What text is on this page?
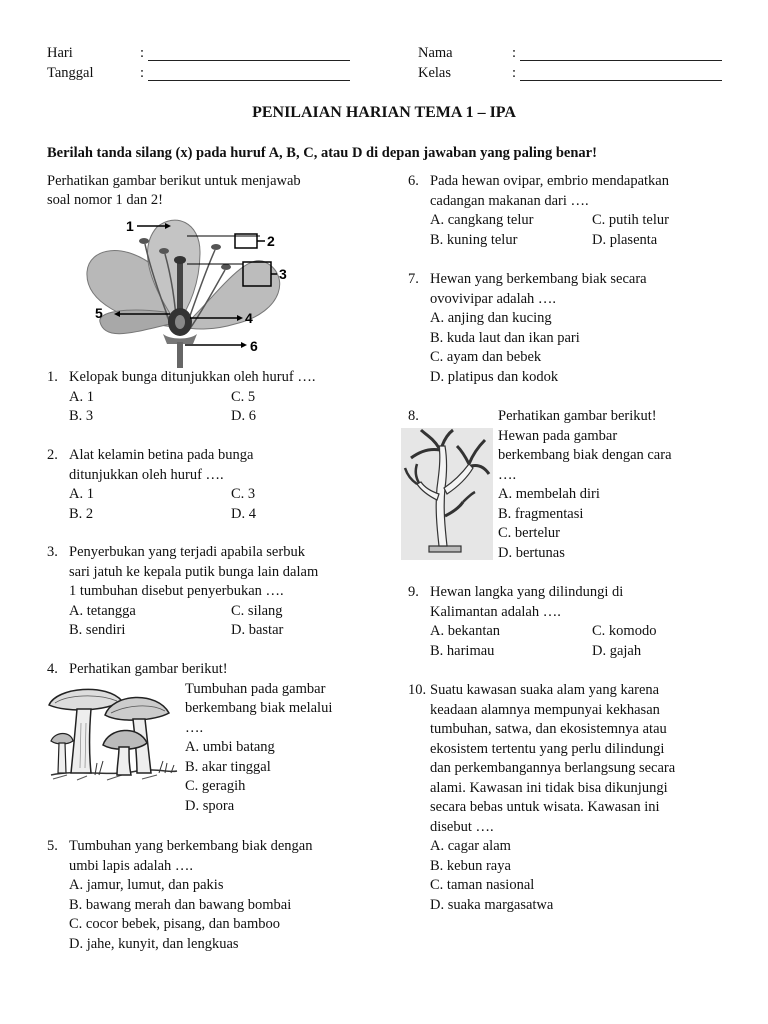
Hari	:
Tanggal	:
Nama	:
Kelas	:
PENILAIAN HARIAN TEMA 1 – IPA
Berilah tanda silang (x) pada huruf A, B, C, atau D di depan jawaban yang paling benar!
Perhatikan gambar berikut untuk menjawab
soal nomor 1 dan 2!
1
2
3
4
5
6
1. Kelopak bunga ditunjukkan oleh huruf ….
A. 1	C. 5
B. 3	D. 6
2. Alat kelamin betina pada bunga
ditunjukkan oleh huruf ….
A. 1	C. 3
B. 2	D. 4
3. Penyerbukan yang terjadi apabila serbuk
sari jatuh ke kepala putik bunga lain dalam
1 tumbuhan disebut penyerbukan ….
A. tetangga	C. silang
B. sendiri	D. bastar
4. Perhatikan gambar berikut!
Tumbuhan pada gambar
berkembang biak melalui
….
A. umbi batang
B. akar tinggal
C. geragih
D. spora
5. Tumbuhan yang berkembang biak dengan
umbi lapis adalah ….
A. jamur, lumut, dan pakis
B. bawang merah dan bawang bombai
C. cocor bebek, pisang, dan bamboo
D. jahe, kunyit, dan lengkuas
6. Pada hewan ovipar, embrio mendapatkan
cadangan makanan dari ….
A. cangkang telur	C. putih telur
B. kuning telur	D. plasenta
7. Hewan yang berkembang biak secara
ovovivipar adalah ….
A. anjing dan kucing
B. kuda laut dan ikan pari
C. ayam dan bebek
D. platipus dan kodok
8.	Perhatikan gambar berikut!
Hewan pada gambar
berkembang biak dengan cara
….
A. membelah diri
B. fragmentasi
C. bertelur
D. bertunas
9. Hewan langka yang dilindungi di
Kalimantan adalah ….
A. bekantan	C. komodo
B. harimau	D. gajah
10. Suatu kawasan suaka alam yang karena
keadaan alamnya mempunyai kekhasan
tumbuhan, satwa, dan ekosistemnya atau
ekosistem tertentu yang perlu dilindungi
dan perkembangannya berlangsung secara
alami. Kawasan ini tidak bisa dikunjungi
secara bebas untuk wisata. Kawasan ini
disebut ….
A. cagar alam
B. kebun raya
C. taman nasional
D. suaka margasatwa
